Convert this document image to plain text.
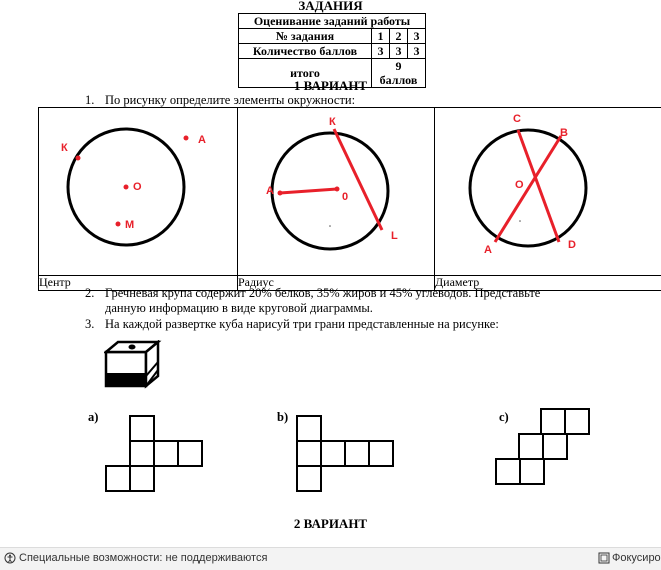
ЗАДАНИЯ
Оценивание заданий работы			
№ задания	1	2	3
Количество баллов	3	3	3
итого	9 баллов		
1 ВАРИАНТ
1. По рисунку определите элементы окружности:
К
А
О
М	А
К
0
L	С
В
О
А D

Центр	Радиус	Диаметр
2. Гречневая крупа содержит 20% белков, 35% жиров и 45% углеводов. Представьте
данную информацию в виде круговой диаграммы.
3. На каждой развертке куба нарисуй три грани представленные на рисунке:
a)	b)	c)
2 ВАРИАНТ
Специальные возможности: не поддерживаются	Фокусиро
